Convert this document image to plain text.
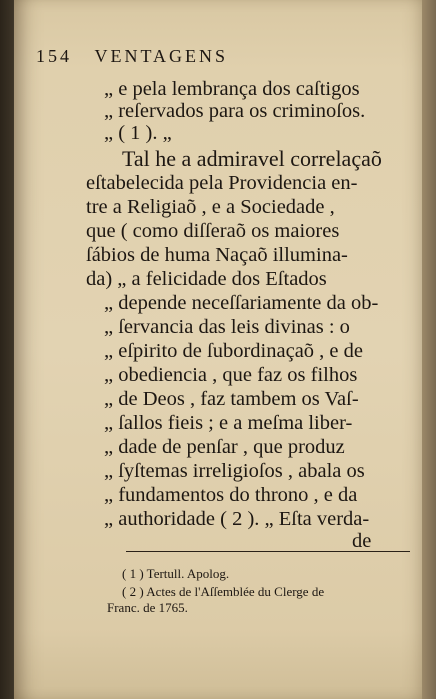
154 VENTAGENS
„ e pela lembrança dos caſtigos
„ reſervados para os criminoſos.
„ ( 1 ). „
Tal he a admiravel correlaçaõ
eſtabelecida pela Providencia en-
tre a Religiaõ , e a Sociedade ,
que ( como diſſeraõ os maiores
ſábios de huma Naçaõ illumina-
da) „ a felicidade dos Eſtados
„ depende neceſſariamente da ob-
„ ſervancia das leis divinas : o
„ eſpirito de ſubordinaçaõ , e de
„ obediencia , que faz os filhos
„ de Deos , faz tambem os Vaſ-
„ ſallos fieis ; e a meſma liber-
„ dade de penſar , que produz
„ ſyſtemas irreligioſos , abala os
„ fundamentos do throno , e da
„ authoridade ( 2 ). „ Eſta verda-
de
( 1 ) Tertull. Apolog.
( 2 ) Actes de l'Aſſemblée du Clerge de
Franc. de 1765.
